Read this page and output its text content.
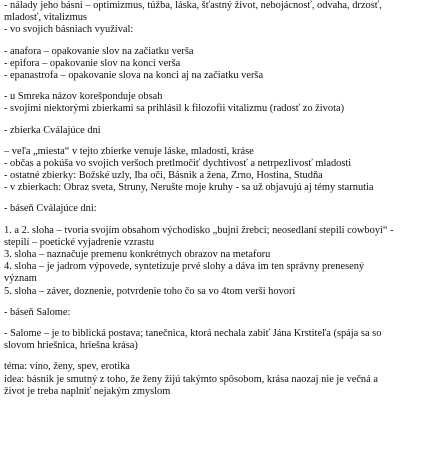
- nálady jeho básní – optimizmus, túžba, láska, šťastný život, nebojácnosť, odvaha, drzosť,
mladosť, vitalizmus
- vo svojich básniach využíval:
- anafora – opakovanie slov na začiatku verša
- epifora – opakovanie slov na konci verša
- epanastrofa – opakovanie slova na konci aj na začiatku verša
- u Smreka názov korešponduje obsah
- svojimi niektorými zbierkami sa prihlásil k filozofii vitalizmu (radosť zo života)
- zbierka Cválajúce dni
– veľa „miesta“ v tejto zbierke venuje láske, mladosti, kráse
- občas a pokúša vo svojich veršoch pretlmočiť dychtivosť a netrpezlivosť mladosti
- ostatné zbierky: Božské uzly, Iba oči, Básnik a žena, Zrno, Hostina, Studňa
- v zbierkach: Obraz sveta, Struny, Nerušte moje kruhy - sa už objavujú aj témy starnutia
- báseň Cválajúce dni:
1. a 2. sloha – tvoria svojím obsahom východisko „bujní žrebci; neosedlaní stepilí cowboyi“ -
stepilí – poetické vyjadrenie vzrastu
3. sloha – naznačuje premenu konkrétnych obrazov na metaforu
4. sloha – je jadrom výpovede, syntetizuje prvé slohy a dáva im ten správny prenesený
význam
5. sloha – záver, doznenie, potvrdenie toho čo sa vo 4tom verši hovorí
- báseň Salome:
- Salome – je to biblická postava; tanečnica, ktorá nechala zabiť Jána Krstiteľa (spája sa so
slovom hriešnica, hriešna krása)
téma: víno, ženy, spev, erotika
idea: básnik je smutný z toho, že ženy žijú takýmto spôsobom, krása naozaj nie je večná a
život je treba naplniť nejakým zmyslom
